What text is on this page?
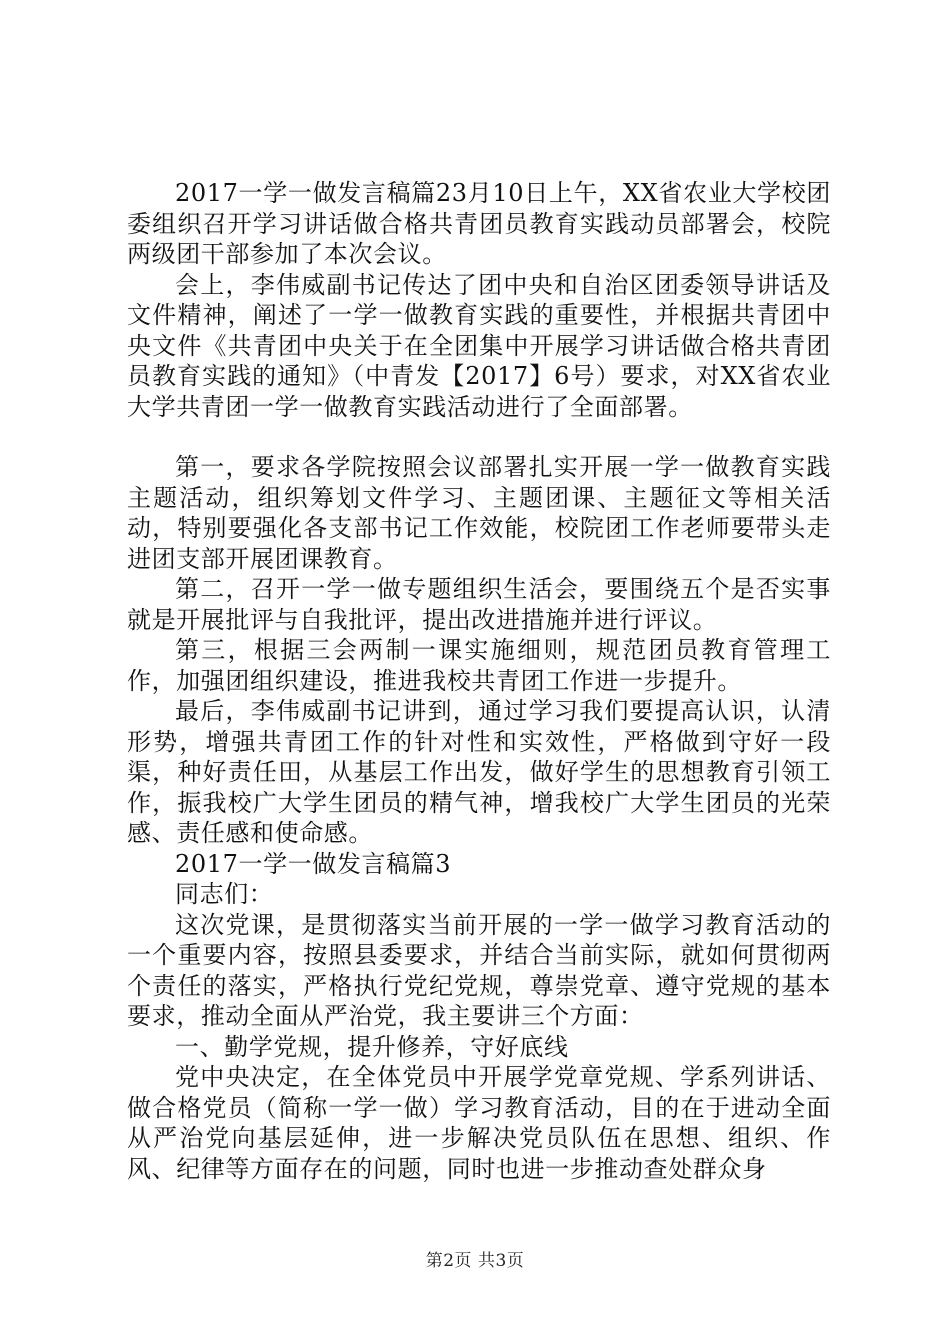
2017一学一做发言稿篇23月10日上午，XX省农业大学校团委组织召开学习讲话做合格共青团员教育实践动员部署会，校院两级团干部参加了本次会议。

会上，李伟威副书记传达了团中央和自治区团委领导讲话及文件精神，阐述了一学一做教育实践的重要性，并根据共青团中央文件《共青团中央关于在全团集中开展学习讲话做合格共青团员教育实践的通知》（中青发【2017】6号）要求，对XX省农业大学共青团一学一做教育实践活动进行了全面部署。

第一，要求各学院按照会议部署扎实开展一学一做教育实践主题活动，组织筹划文件学习、主题团课、主题征文等相关活动，特别要强化各支部书记工作效能，校院团工作老师要带头走进团支部开展团课教育。

第二，召开一学一做专题组织生活会，要围绕五个是否实事就是开展批评与自我批评，提出改进措施并进行评议。

第三，根据三会两制一课实施细则，规范团员教育管理工作，加强团组织建设，推进我校共青团工作进一步提升。

最后，李伟威副书记讲到，通过学习我们要提高认识，认清形势，增强共青团工作的针对性和实效性，严格做到守好一段渠，种好责任田，从基层工作出发，做好学生的思想教育引领工作，振我校广大学生团员的精气神，增我校广大学生团员的光荣感、责任感和使命感。

2017一学一做发言稿篇3

同志们：

这次党课，是贯彻落实当前开展的一学一做学习教育活动的一个重要内容，按照县委要求，并结合当前实际，就如何贯彻两个责任的落实，严格执行党纪党规，尊崇党章、遵守党规的基本要求，推动全面从严治党，我主要讲三个方面：

一、勤学党规，提升修养，守好底线

党中央决定，在全体党员中开展学党章党规、学系列讲话、做合格党员（简称一学一做）学习教育活动，目的在于进动全面从严治党向基层延伸，进一步解决党员队伍在思想、组织、作风、纪律等方面存在的问题，同时也进一步推动查处群众身

第2页 共3页
